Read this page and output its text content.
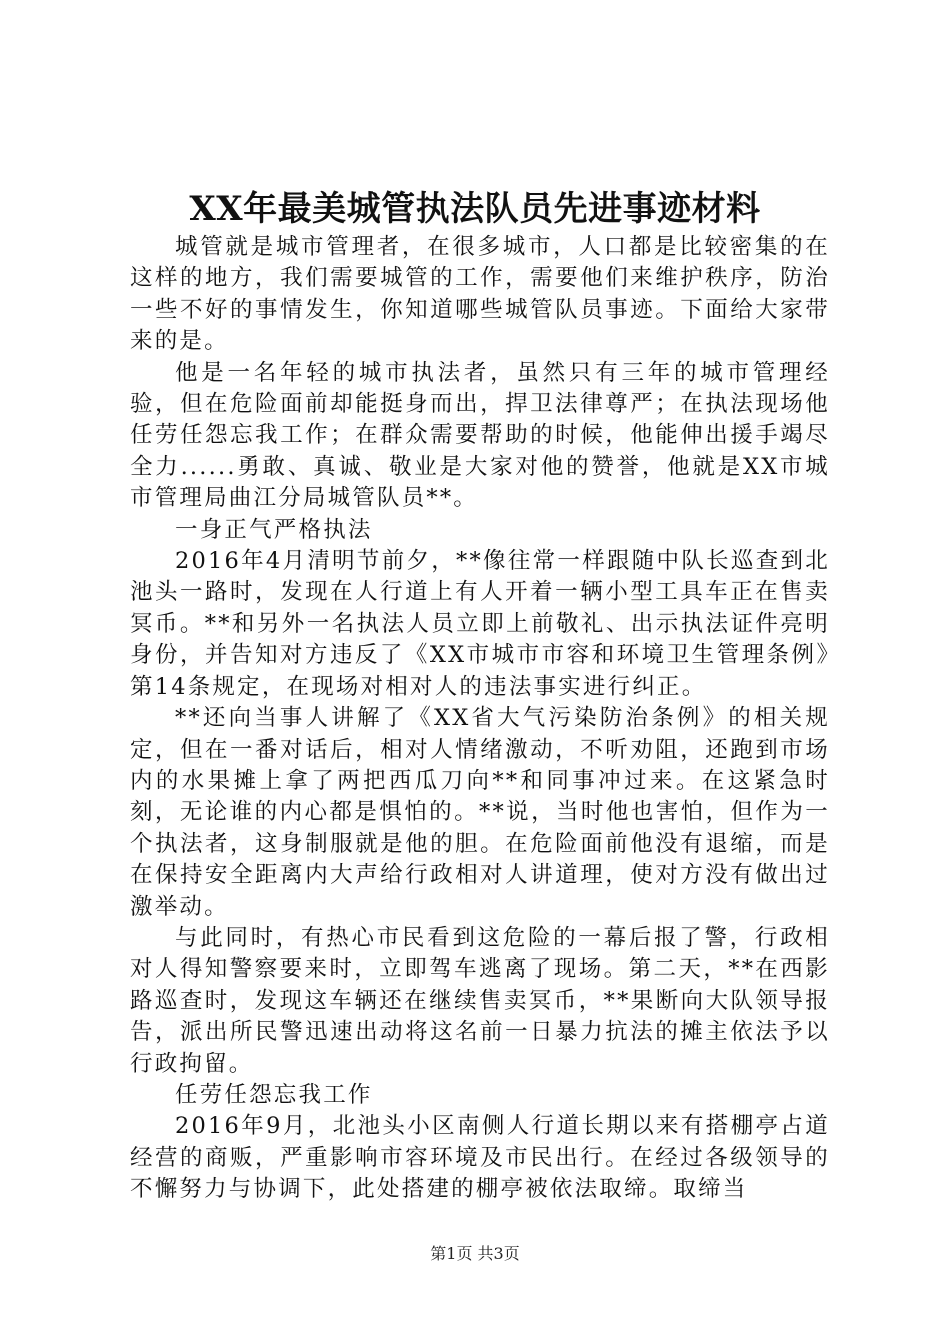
XX年最美城管执法队员先进事迹材料

城管就是城市管理者，在很多城市，人口都是比较密集的在这样的地方，我们需要城管的工作，需要他们来维护秩序，防治一些不好的事情发生，你知道哪些城管队员事迹。下面给大家带来的是。

他是一名年轻的城市执法者，虽然只有三年的城市管理经验，但在危险面前却能挺身而出，捍卫法律尊严；在执法现场他任劳任怨忘我工作；在群众需要帮助的时候，他能伸出援手竭尽全力......勇敢、真诚、敬业是大家对他的赞誉，他就是XX市城市管理局曲江分局城管队员**。

一身正气严格执法

2016年4月清明节前夕，**像往常一样跟随中队长巡查到北池头一路时，发现在人行道上有人开着一辆小型工具车正在售卖冥币。**和另外一名执法人员立即上前敬礼、出示执法证件亮明身份，并告知对方违反了《XX市城市市容和环境卫生管理条例》第14条规定，在现场对相对人的违法事实进行纠正。

**还向当事人讲解了《XX省大气污染防治条例》的相关规定，但在一番对话后，相对人情绪激动，不听劝阻，还跑到市场内的水果摊上拿了两把西瓜刀向**和同事冲过来。在这紧急时刻，无论谁的内心都是惧怕的。**说，当时他也害怕，但作为一个执法者，这身制服就是他的胆。在危险面前他没有退缩，而是在保持安全距离内大声给行政相对人讲道理，使对方没有做出过激举动。

与此同时，有热心市民看到这危险的一幕后报了警，行政相对人得知警察要来时，立即驾车逃离了现场。第二天，**在西影路巡查时，发现这车辆还在继续售卖冥币，**果断向大队领导报告，派出所民警迅速出动将这名前一日暴力抗法的摊主依法予以行政拘留。

任劳任怨忘我工作

2016年9月，北池头小区南侧人行道长期以来有搭棚亭占道经营的商贩，严重影响市容环境及市民出行。在经过各级领导的不懈努力与协调下，此处搭建的棚亭被依法取缔。取缔当

第1页 共3页
